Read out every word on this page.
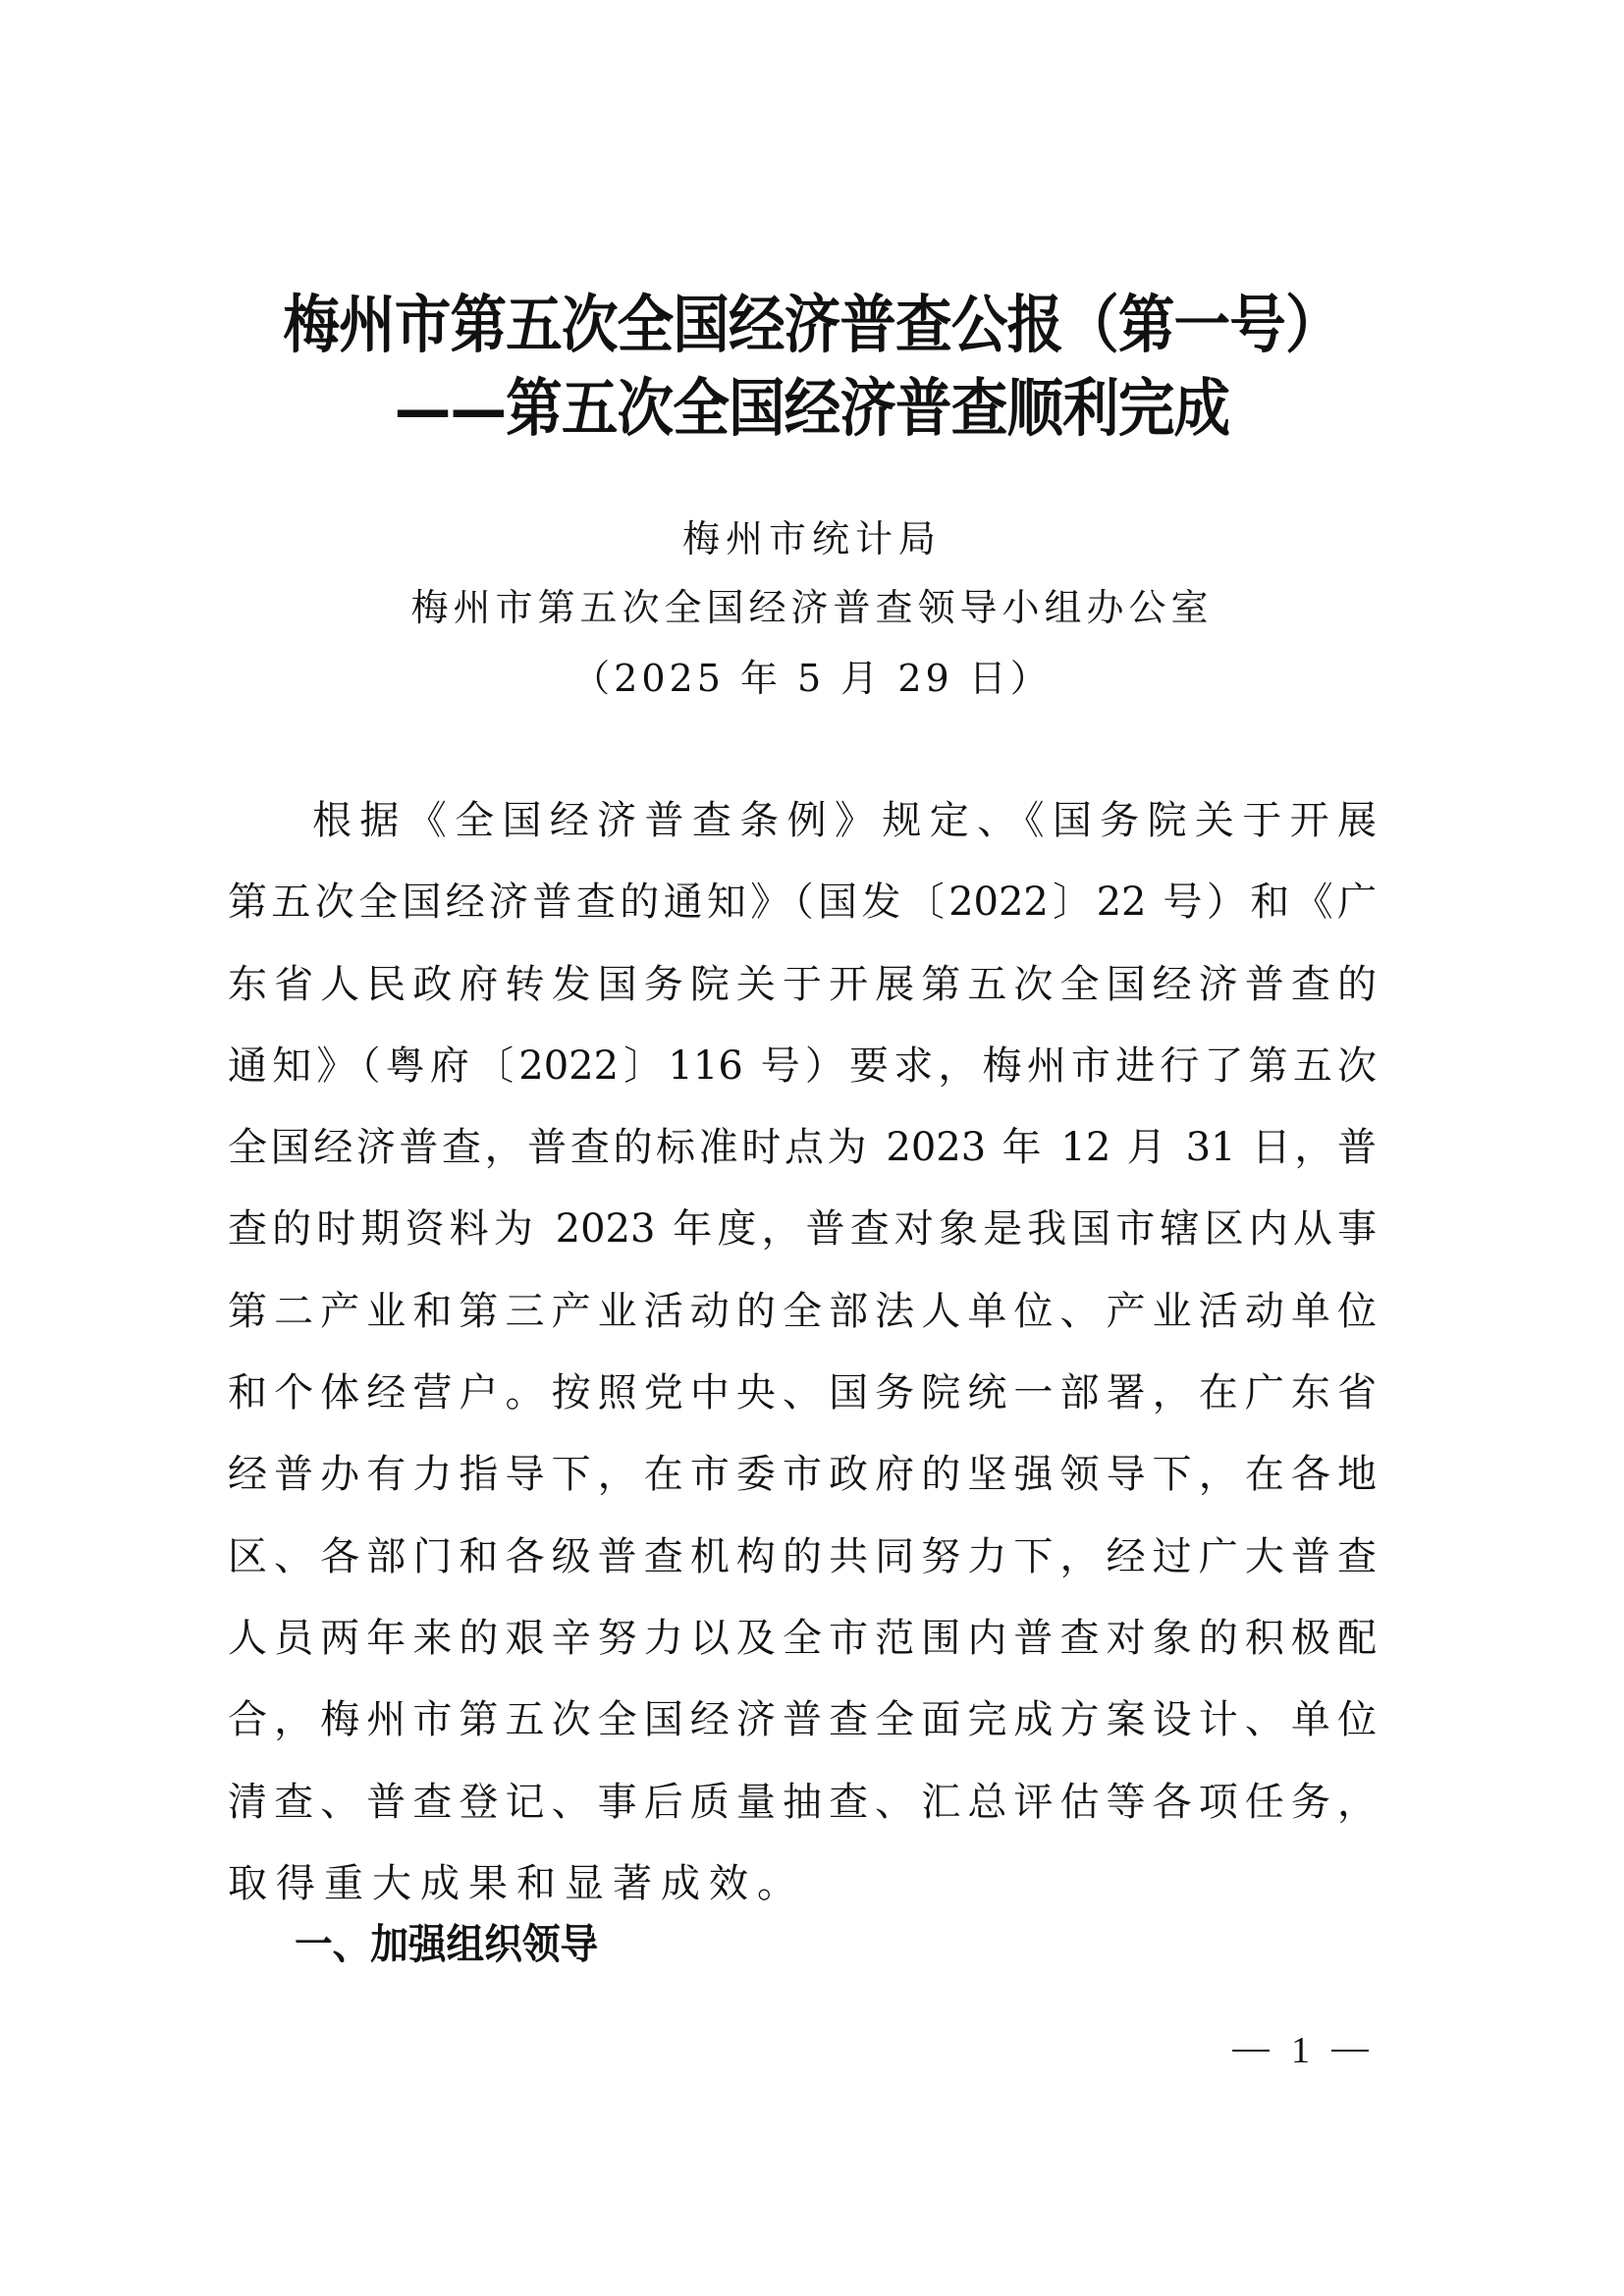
梅州市第五次全国经济普查公报（第一号）
——第五次全国经济普查顺利完成
梅州市统计局
梅州市第五次全国经济普查领导小组办公室
（2025 年 5 月 29 日）
根据《全国经济普查条例》规定、《国务院关于开展
第五次全国经济普查的通知》（国发〔2022〕22 号）和《广
东省人民政府转发国务院关于开展第五次全国经济普查的
通知》（粤府〔2022〕116 号）要求，梅州市进行了第五次
全国经济普查，普查的标准时点为 2023 年 12 月 31 日，普
查的时期资料为 2023 年度，普查对象是我国市辖区内从事
第二产业和第三产业活动的全部法人单位、产业活动单位
和个体经营户。按照党中央、国务院统一部署，在广东省
经普办有力指导下，在市委市政府的坚强领导下，在各地
区、各部门和各级普查机构的共同努力下，经过广大普查
人员两年来的艰辛努力以及全市范围内普查对象的积极配
合，梅州市第五次全国经济普查全面完成方案设计、单位
清查、普查登记、事后质量抽查、汇总评估等各项任务，
取得重大成果和显著成效。
一、加强组织领导
1
